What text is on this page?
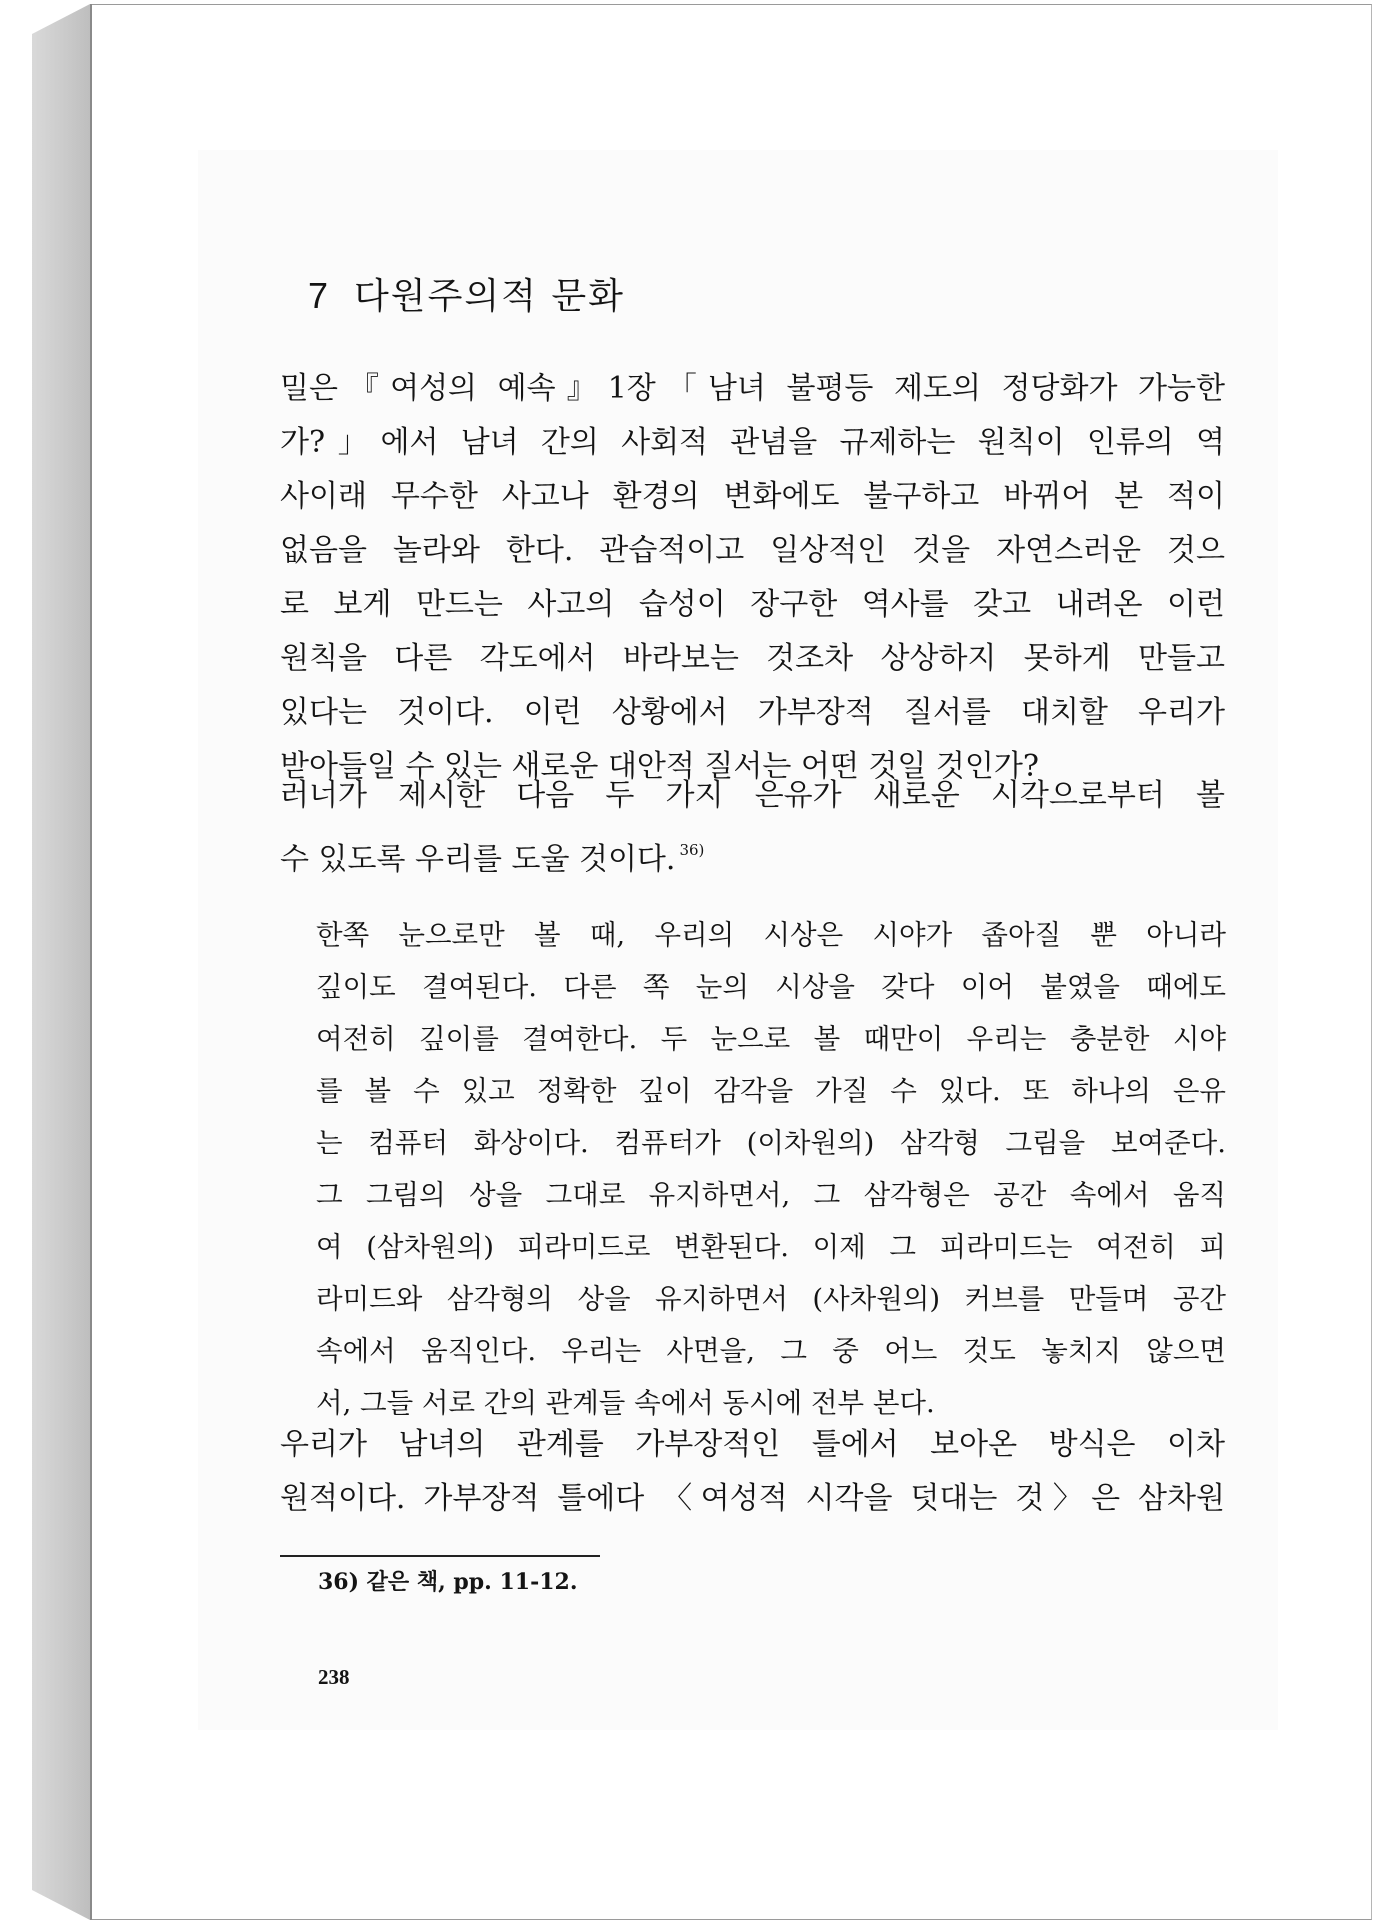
7 다원주의적 문화
밀은『여성의 예속』1장「남녀 불평등 제도의 정당화가 가능한
가?」에서 남녀 간의 사회적 관념을 규제하는 원칙이 인류의 역
사이래 무수한 사고나 환경의 변화에도 불구하고 바뀌어 본 적이
없음을 놀라와 한다. 관습적이고 일상적인 것을 자연스러운 것으
로 보게 만드는 사고의 습성이 장구한 역사를 갖고 내려온 이런
원칙을 다른 각도에서 바라보는 것조차 상상하지 못하게 만들고
있다는 것이다. 이런 상황에서 가부장적 질서를 대치할 우리가
받아들일 수 있는 새로운 대안적 질서는 어떤 것일 것인가?
러너가 제시한 다음 두 가지 은유가 새로운 시각으로부터 볼
수 있도록 우리를 도울 것이다. $^{36)}$
한쪽 눈으로만 볼 때, 우리의 시상은 시야가 좁아질 뿐 아니라
깊이도 결여된다. 다른 쪽 눈의 시상을 갖다 이어 붙였을 때에도
여전히 깊이를 결여한다. 두 눈으로 볼 때만이 우리는 충분한 시야
를 볼 수 있고 정확한 깊이 감각을 가질 수 있다. 또 하나의 은유
는 컴퓨터 화상이다. 컴퓨터가 (이차원의) 삼각형 그림을 보여준다.
그 그림의 상을 그대로 유지하면서, 그 삼각형은 공간 속에서 움직
여 (삼차원의) 피라미드로 변환된다. 이제 그 피라미드는 여전히 피
라미드와 삼각형의 상을 유지하면서 (사차원의) 커브를 만들며 공간
속에서 움직인다. 우리는 사면을, 그 중 어느 것도 놓치지 않으면
서, 그들 서로 간의 관계들 속에서 동시에 전부 본다.
우리가 남녀의 관계를 가부장적인 틀에서 보아온 방식은 이차
원적이다. 가부장적 틀에다 〈여성적 시각을 덧대는 것〉은 삼차원
36) 같은 책, pp. 11-12.
238
